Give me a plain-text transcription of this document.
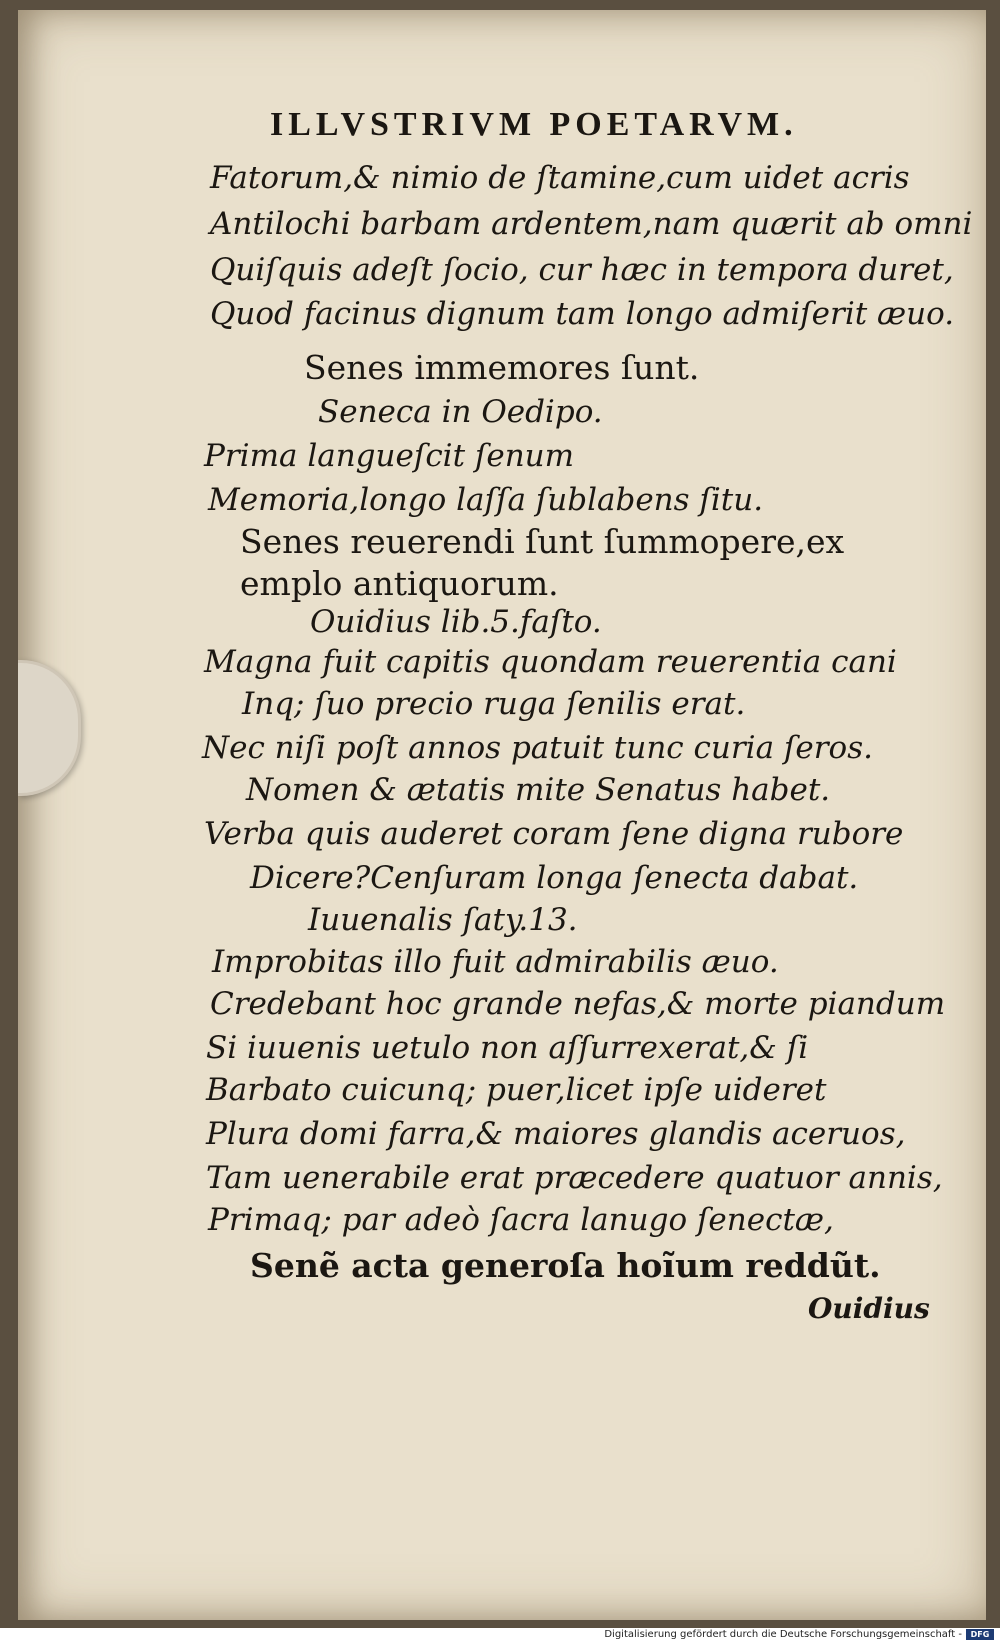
ILLVSTRIVM POETARVM.
Fatorum,& nimio de ſtamine,cum uidet acris
Antilochi barbam ardentem,nam quærit ab omni
Quiſquis adeſt ſocio, cur hæc in tempora duret,
Quod facinus dignum tam longo admiſerit æuo.
Senes immemores ſunt.
Seneca in Oedipo.
Prima langueſcit ſenum
Memoria,longo laſſa ſublabens ſitu.
Senes reuerendi ſunt ſummopere,ex
emplo antiquorum.
Ouidius lib.5.faſto.
Magna fuit capitis quondam reuerentia cani
Inq; ſuo precio ruga ſenilis erat.
Nec niſi poſt annos patuit tunc curia ſeros.
Nomen & ætatis mite Senatus habet.
Verba quis auderet coram ſene digna rubore
Dicere?Cenſuram longa ſenecta dabat.
Iuuenalis ſaty.13.
Improbitas illo fuit admirabilis æuo.
Credebant hoc grande nefas,& morte piandum
Si iuuenis uetulo non aſſurrexerat,& ſi
Barbato cuicunq; puer,licet ipſe uideret
Plura domi farra,& maiores glandis aceruos,
Tam uenerabile erat præcedere quatuor annis,
Primaq; par adeò ſacra lanugo ſenectæ,
Senẽ acta generoſa hoĩum reddũt.
Ouidius
Digitalisierung gefördert durch die Deutsche Forschungsgemeinschaft -	DFG
